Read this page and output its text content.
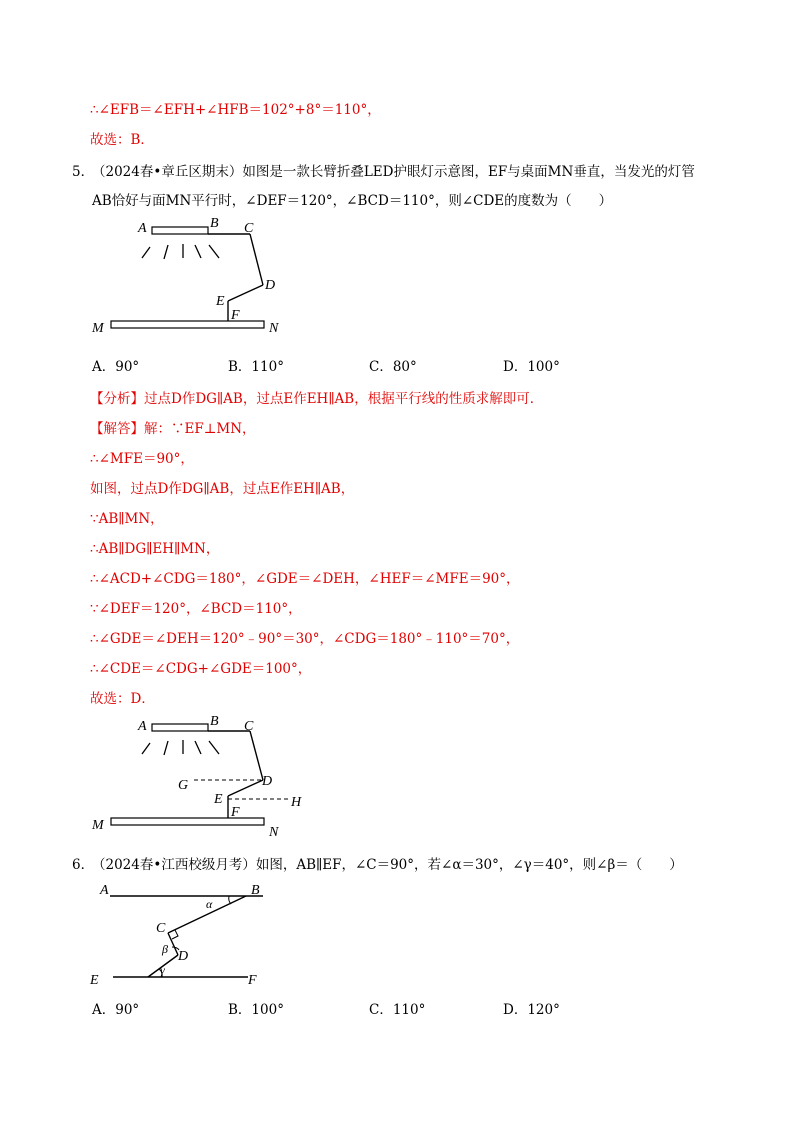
∴∠EFB＝∠EFH+∠HFB＝102°+8°＝110°，
故选：B．
5．
（2024春•章丘区期末）如图是一款长臂折叠LED护眼灯示意图，EF与桌面MN垂直，当发光的灯管
AB恰好与面MN平行时，∠DEF＝120°，∠BCD＝110°，则∠CDE的度数为（　　）
A	B C
D
E
F
M	N
A．90°	B．110°	C．80°	D．100°
【分析】过点D作DG∥AB，过点E作EH∥AB，根据平行线的性质求解即可．
【解答】解：∵EF⊥MN，
∴∠MFE＝90°，
如图，过点D作DG∥AB，过点E作EH∥AB，
∵AB∥MN，
∴AB∥DG∥EH∥MN，
∴∠ACD+∠CDG＝180°，∠GDE＝∠DEH，∠HEF＝∠MFE＝90°，
∵∠DEF＝120°，∠BCD＝110°，
∴∠GDE＝∠DEH＝120°﹣90°＝30°，∠CDG＝180°﹣110°＝70°，
∴∠CDE＝∠CDG+∠GDE＝100°，
故选：D．
A	B C
D
G
E	H
F
M	N
6．
（2024春•江西校级月考）如图，AB∥EF，∠C＝90°，若∠α＝30°，∠γ＝40°，则∠β＝（　　）
A	B
C
D
E	F
α
β
γ
A．90°	B．100°	C．110°	D．120°
